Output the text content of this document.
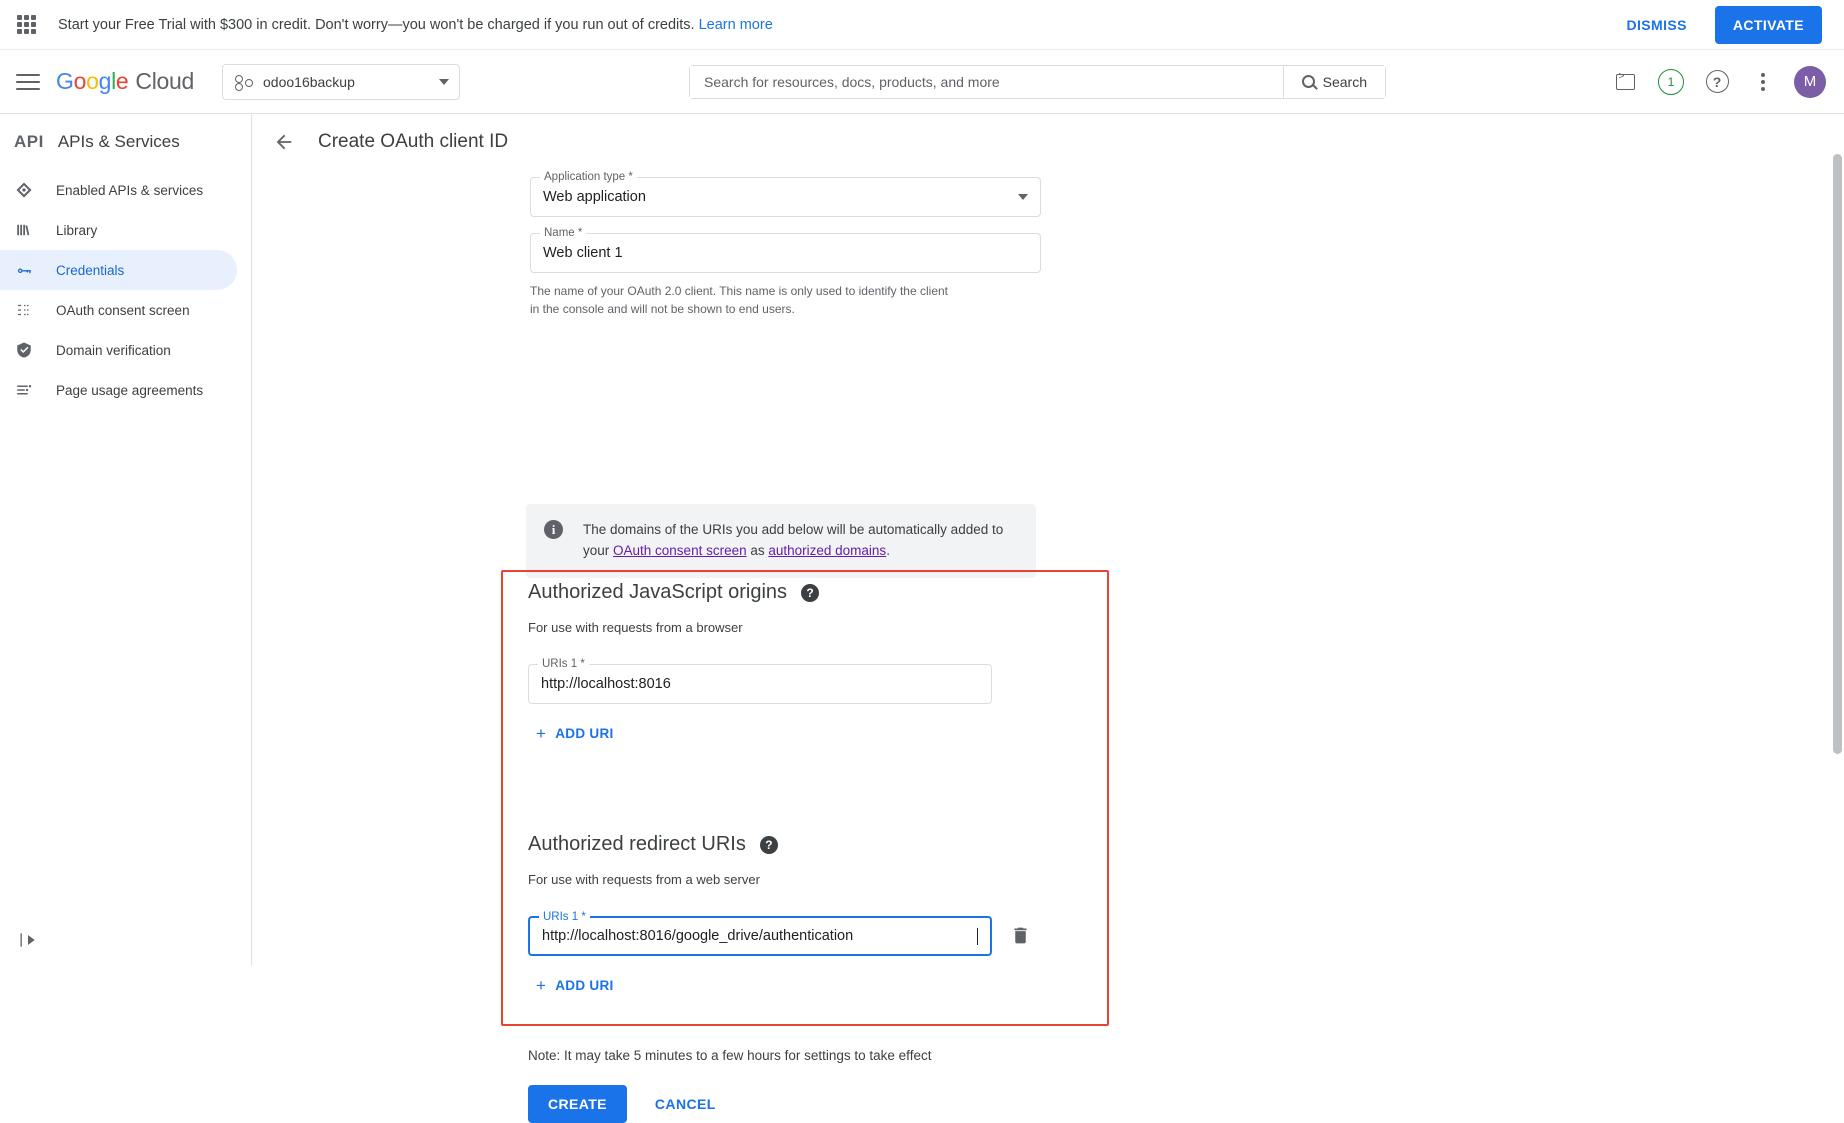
Start your Free Trial with $300 in credit. Don't worry—you won't be charged if you run out of credits. Learn more	DISMISS	ACTIVATE
Google Cloud	odoo16backup
Search for resources, docs, products, and more	Search >	1	?	M
API APIs & Services
Enabled APIs & services
Library
Credentials
OAuth consent screen
Domain verification
Page usage agreements
Create OAuth client ID
Application type *
Web application
Name *
Web client 1
The name of your OAuth 2.0 client. This name is only used to identify the client in the console and will not be shown to end users.
i	The domains of the URIs you add below will be automatically added to your OAuth consent screen as authorized domains.
Authorized JavaScript origins	?
For use with requests from a browser
URIs 1 *
http://localhost:8016
+ ADD URI
Authorized redirect URIs	?
For use with requests from a web server
URIs 1 *
http://localhost:8016/google_drive/authentication
+ ADD URI
Note: It may take 5 minutes to a few hours for settings to take effect
CREATE	CANCEL
